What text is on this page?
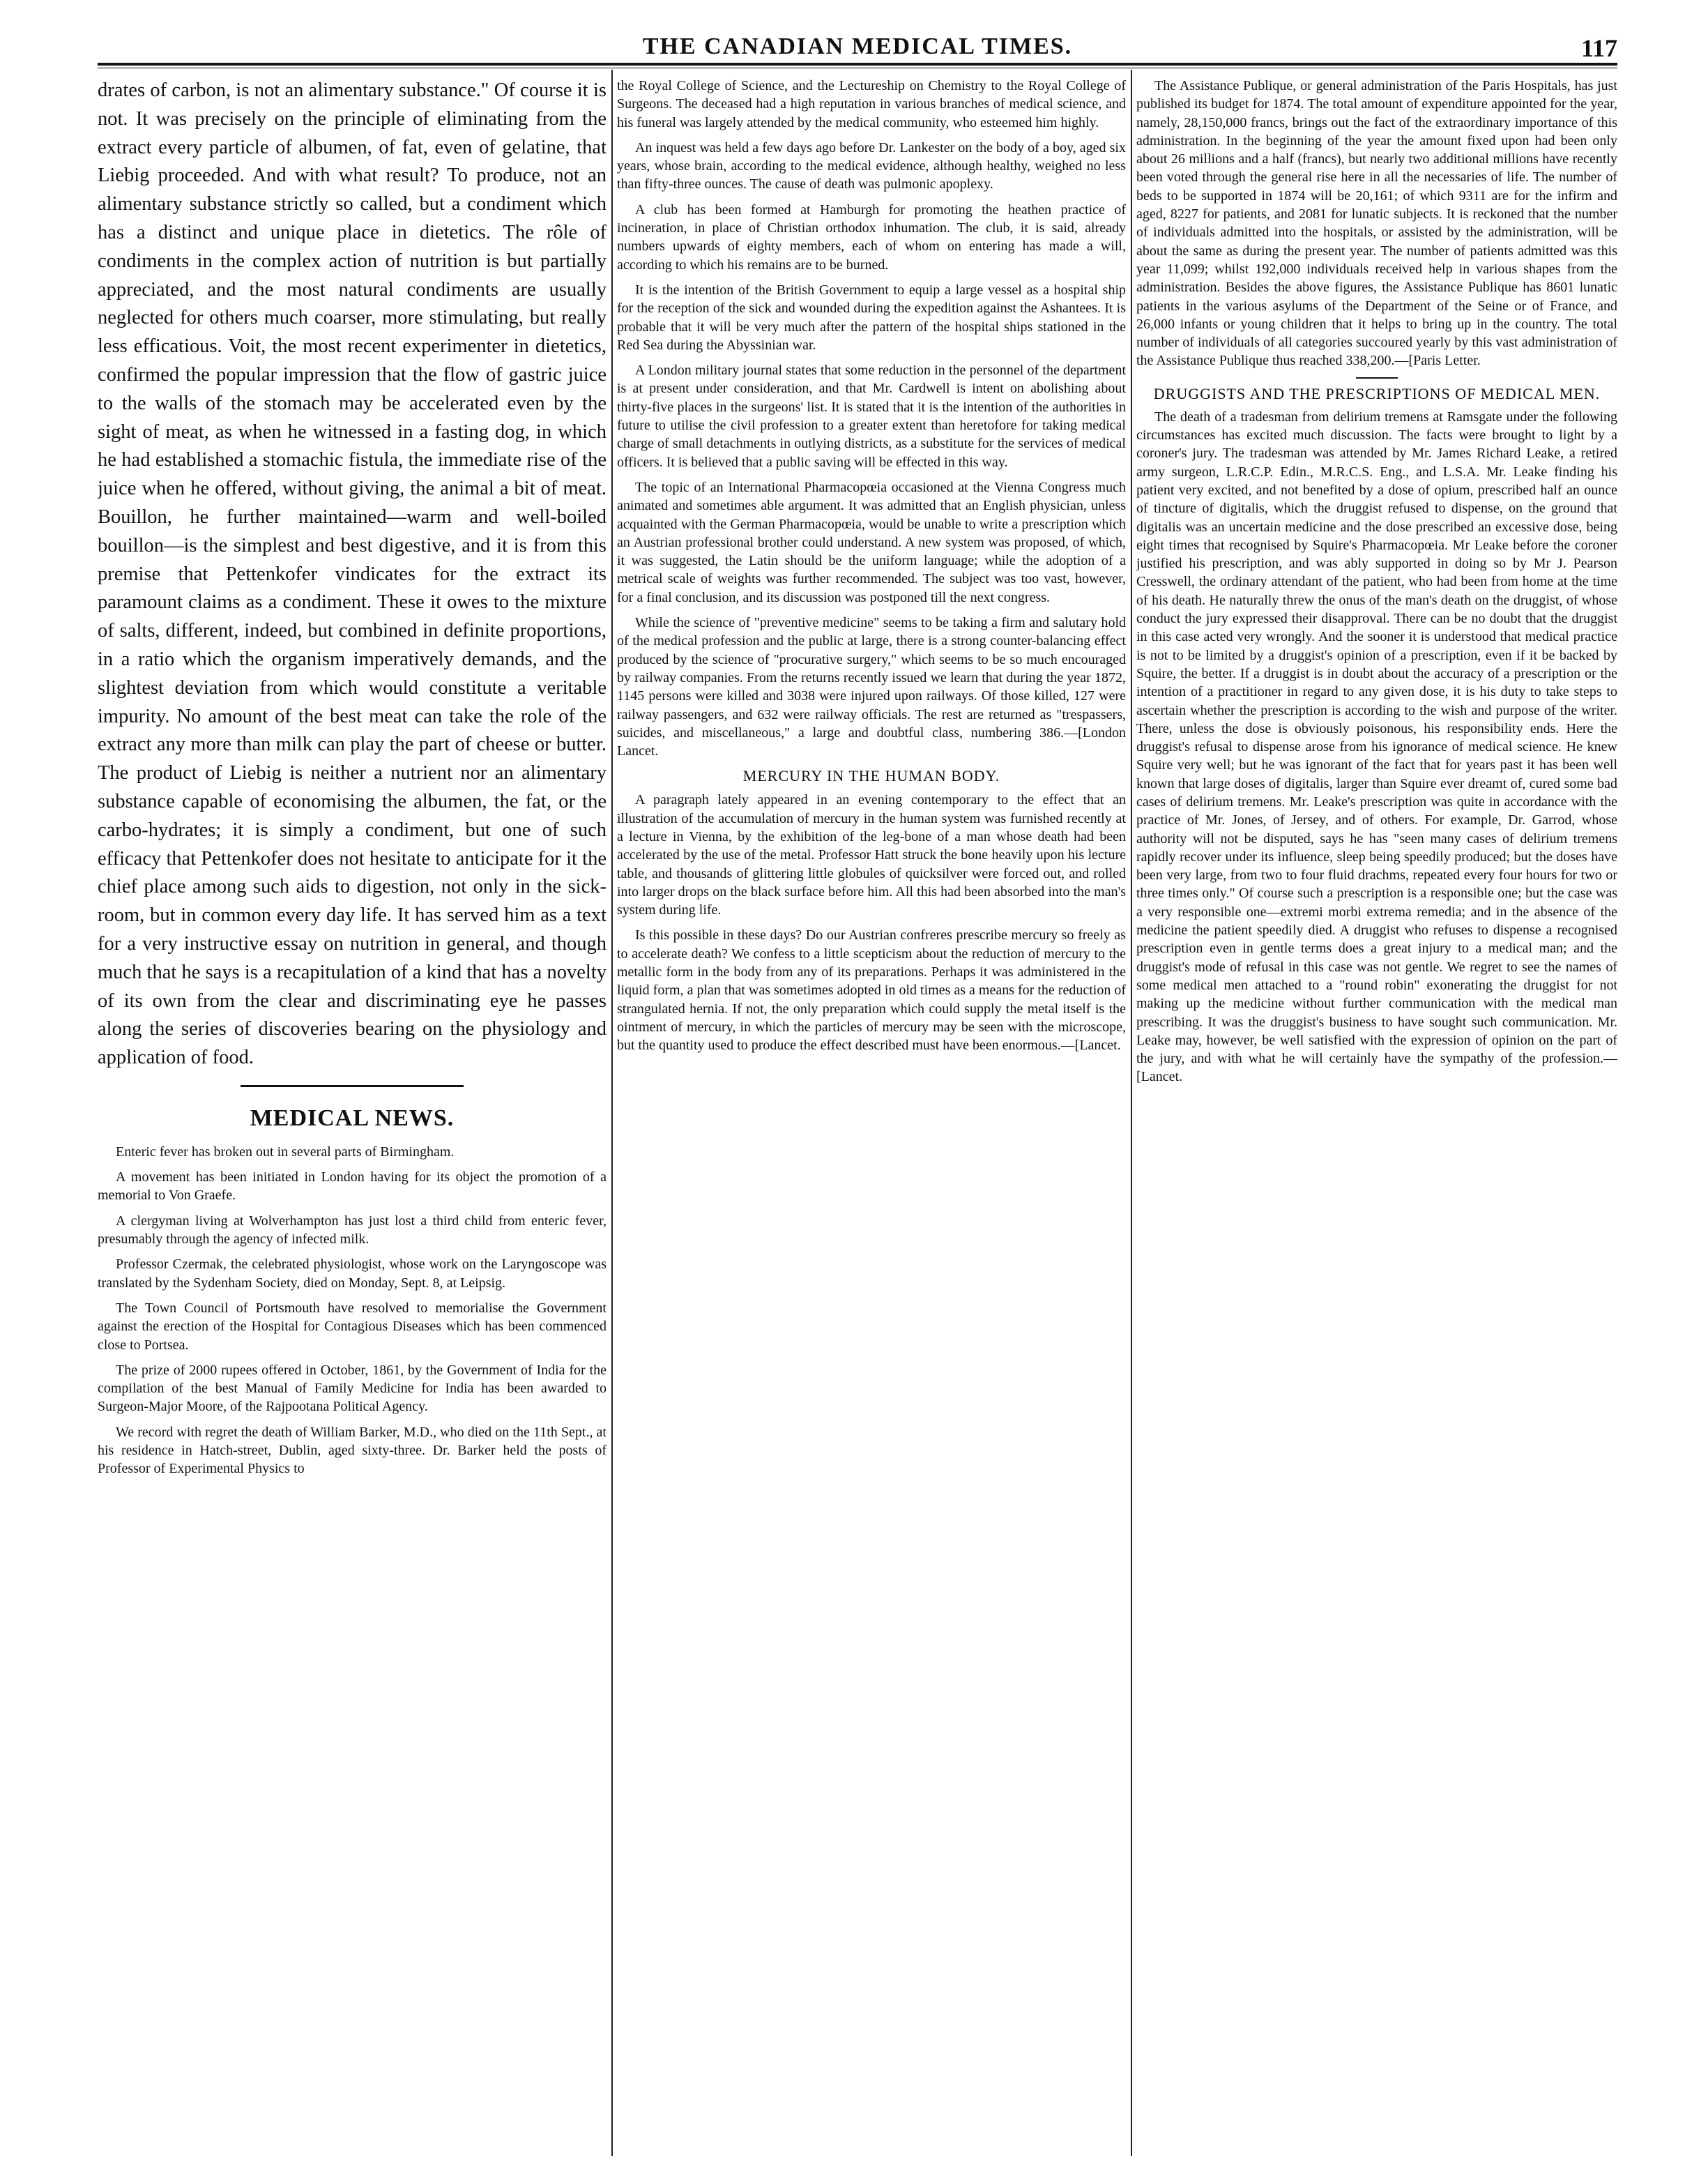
THE CANADIAN MEDICAL TIMES.	117

drates of carbon, is not an alimentary substance." Of course it is not. It was precisely on the principle of eliminating from the extract every particle of albumen, of fat, even of gelatine, that Liebig proceeded. And with what result? To produce, not an alimentary substance strictly so called, but a condiment which has a distinct and unique place in dietetics. The rôle of condiments in the complex action of nutrition is but partially appreciated, and the most natural condiments are usually neglected for others much coarser, more stimulating, but really less efficatious. Voit, the most recent experimenter in dietetics, confirmed the popular impression that the flow of gastric juice to the walls of the stomach may be accelerated even by the sight of meat, as when he witnessed in a fasting dog, in which he had established a stomachic fistula, the immediate rise of the juice when he offered, without giving, the animal a bit of meat. Bouillon, he further maintained—warm and well-boiled bouillon—is the simplest and best digestive, and it is from this premise that Pettenkofer vindicates for the extract its paramount claims as a condiment. These it owes to the mixture of salts, different, indeed, but combined in definite proportions, in a ratio which the organism imperatively demands, and the slightest deviation from which would constitute a veritable impurity. No amount of the best meat can take the role of the extract any more than milk can play the part of cheese or butter. The product of Liebig is neither a nutrient nor an alimentary substance capable of economising the albumen, the fat, or the carbo-hydrates; it is simply a condiment, but one of such efficacy that Pettenkofer does not hesitate to anticipate for it the chief place among such aids to digestion, not only in the sick-room, but in common every day life. It has served him as a text for a very instructive essay on nutrition in general, and though much that he says is a recapitulation of a kind that has a novelty of its own from the clear and discriminating eye he passes along the series of discoveries bearing on the physiology and application of food.

MEDICAL NEWS.

Enteric fever has broken out in several parts of Birmingham.

A movement has been initiated in London having for its object the promotion of a memorial to Von Graefe.

A clergyman living at Wolverhampton has just lost a third child from enteric fever, presumably through the agency of infected milk.

Professor Czermak, the celebrated physiologist, whose work on the Laryngoscope was translated by the Sydenham Society, died on Monday, Sept. 8, at Leipsig.

The Town Council of Portsmouth have resolved to memorialise the Government against the erection of the Hospital for Contagious Diseases which has been commenced close to Portsea.

The prize of 2000 rupees offered in October, 1861, by the Government of India for the compilation of the best Manual of Family Medicine for India has been awarded to Surgeon-Major Moore, of the Rajpootana Political Agency.

We record with regret the death of William Barker, M.D., who died on the 11th Sept., at his residence in Hatch-street, Dublin, aged sixty-three. Dr. Barker held the posts of Professor of Experimental Physics to

the Royal College of Science, and the Lectureship on Chemistry to the Royal College of Surgeons. The deceased had a high reputation in various branches of medical science, and his funeral was largely attended by the medical community, who esteemed him highly.

An inquest was held a few days ago before Dr. Lankester on the body of a boy, aged six years, whose brain, according to the medical evidence, although healthy, weighed no less than fifty-three ounces. The cause of death was pulmonic apoplexy.

A club has been formed at Hamburgh for promoting the heathen practice of incineration, in place of Christian orthodox inhumation. The club, it is said, already numbers upwards of eighty members, each of whom on entering has made a will, according to which his remains are to be burned.

It is the intention of the British Government to equip a large vessel as a hospital ship for the reception of the sick and wounded during the expedition against the Ashantees. It is probable that it will be very much after the pattern of the hospital ships stationed in the Red Sea during the Abyssinian war.

A London military journal states that some reduction in the personnel of the department is at present under consideration, and that Mr. Cardwell is intent on abolishing about thirty-five places in the surgeons' list. It is stated that it is the intention of the authorities in future to utilise the civil profession to a greater extent than heretofore for taking medical charge of small detachments in outlying districts, as a substitute for the services of medical officers. It is believed that a public saving will be effected in this way.

The topic of an International Pharmacopœia occasioned at the Vienna Congress much animated and sometimes able argument. It was admitted that an English physician, unless acquainted with the German Pharmacopœia, would be unable to write a prescription which an Austrian professional brother could understand. A new system was proposed, of which, it was suggested, the Latin should be the uniform language; while the adoption of a metrical scale of weights was further recommended. The subject was too vast, however, for a final conclusion, and its discussion was postponed till the next congress.

While the science of "preventive medicine" seems to be taking a firm and salutary hold of the medical profession and the public at large, there is a strong counter-balancing effect produced by the science of "procurative surgery," which seems to be so much encouraged by railway companies. From the returns recently issued we learn that during the year 1872, 1145 persons were killed and 3038 were injured upon railways. Of those killed, 127 were railway passengers, and 632 were railway officials. The rest are returned as "trespassers, suicides, and miscellaneous," a large and doubtful class, numbering 386.—[London Lancet.

MERCURY IN THE HUMAN BODY.

A paragraph lately appeared in an evening contemporary to the effect that an illustration of the accumulation of mercury in the human system was furnished recently at a lecture in Vienna, by the exhibition of the leg-bone of a man whose death had been accelerated by the use of the metal. Professor Hatt struck the bone heavily upon his lecture table, and thousands of glittering little globules of quicksilver were forced out, and rolled into larger drops on the black surface before him. All this had been absorbed into the man's system during life.

Is this possible in these days? Do our Austrian confreres prescribe mercury so freely as to accelerate death? We confess to a little scepticism about the reduction of mercury to the metallic form in the body from any of its preparations. Perhaps it was administered in the liquid form, a plan that was sometimes adopted in old times as a means for the reduction of strangulated hernia. If not, the only preparation which could supply the metal itself is the ointment of mercury, in which the particles of mercury may be seen with the microscope, but the quantity used to produce the effect described must have been enormous.—[Lancet.

The Assistance Publique, or general administration of the Paris Hospitals, has just published its budget for 1874. The total amount of expenditure appointed for the year, namely, 28,150,000 francs, brings out the fact of the extraordinary importance of this administration. In the beginning of the year the amount fixed upon had been only about 26 millions and a half (francs), but nearly two additional millions have recently been voted through the general rise here in all the necessaries of life. The number of beds to be supported in 1874 will be 20,161; of which 9311 are for the infirm and aged, 8227 for patients, and 2081 for lunatic subjects. It is reckoned that the number of individuals admitted into the hospitals, or assisted by the administration, will be about the same as during the present year. The number of patients admitted was this year 11,099; whilst 192,000 individuals received help in various shapes from the administration. Besides the above figures, the Assistance Publique has 8601 lunatic patients in the various asylums of the Department of the Seine or of France, and 26,000 infants or young children that it helps to bring up in the country. The total number of individuals of all categories succoured yearly by this vast administration of the Assistance Publique thus reached 338,200.—[Paris Letter.

DRUGGISTS AND THE PRESCRIPTIONS OF MEDICAL MEN.

The death of a tradesman from delirium tremens at Ramsgate under the following circumstances has excited much discussion. The facts were brought to light by a coroner's jury. The tradesman was attended by Mr. James Richard Leake, a retired army surgeon, L.R.C.P. Edin., M.R.C.S. Eng., and L.S.A. Mr. Leake finding his patient very excited, and not benefited by a dose of opium, prescribed half an ounce of tincture of digitalis, which the druggist refused to dispense, on the ground that digitalis was an uncertain medicine and the dose prescribed an excessive dose, being eight times that recognised by Squire's Pharmacopœia. Mr Leake before the coroner justified his prescription, and was ably supported in doing so by Mr J. Pearson Cresswell, the ordinary attendant of the patient, who had been from home at the time of his death. He naturally threw the onus of the man's death on the druggist, of whose conduct the jury expressed their disapproval. There can be no doubt that the druggist in this case acted very wrongly. And the sooner it is understood that medical practice is not to be limited by a druggist's opinion of a prescription, even if it be backed by Squire, the better. If a druggist is in doubt about the accuracy of a prescription or the intention of a practitioner in regard to any given dose, it is his duty to take steps to ascertain whether the prescription is according to the wish and purpose of the writer. There, unless the dose is obviously poisonous, his responsibility ends. Here the druggist's refusal to dispense arose from his ignorance of medical science. He knew Squire very well; but he was ignorant of the fact that for years past it has been well known that large doses of digitalis, larger than Squire ever dreamt of, cured some bad cases of delirium tremens. Mr. Leake's prescription was quite in accordance with the practice of Mr. Jones, of Jersey, and of others. For example, Dr. Garrod, whose authority will not be disputed, says he has "seen many cases of delirium tremens rapidly recover under its influence, sleep being speedily produced; but the doses have been very large, from two to four fluid drachms, repeated every four hours for two or three times only." Of course such a prescription is a responsible one; but the case was a very responsible one—extremi morbi extrema remedia; and in the absence of the medicine the patient speedily died. A druggist who refuses to dispense a recognised prescription even in gentle terms does a great injury to a medical man; and the druggist's mode of refusal in this case was not gentle. We regret to see the names of some medical men attached to a "round robin" exonerating the druggist for not making up the medicine without further communication with the medical man prescribing. It was the druggist's business to have sought such communication. Mr. Leake may, however, be well satisfied with the expression of opinion on the part of the jury, and with what he will certainly have the sympathy of the profession.—[Lancet.
